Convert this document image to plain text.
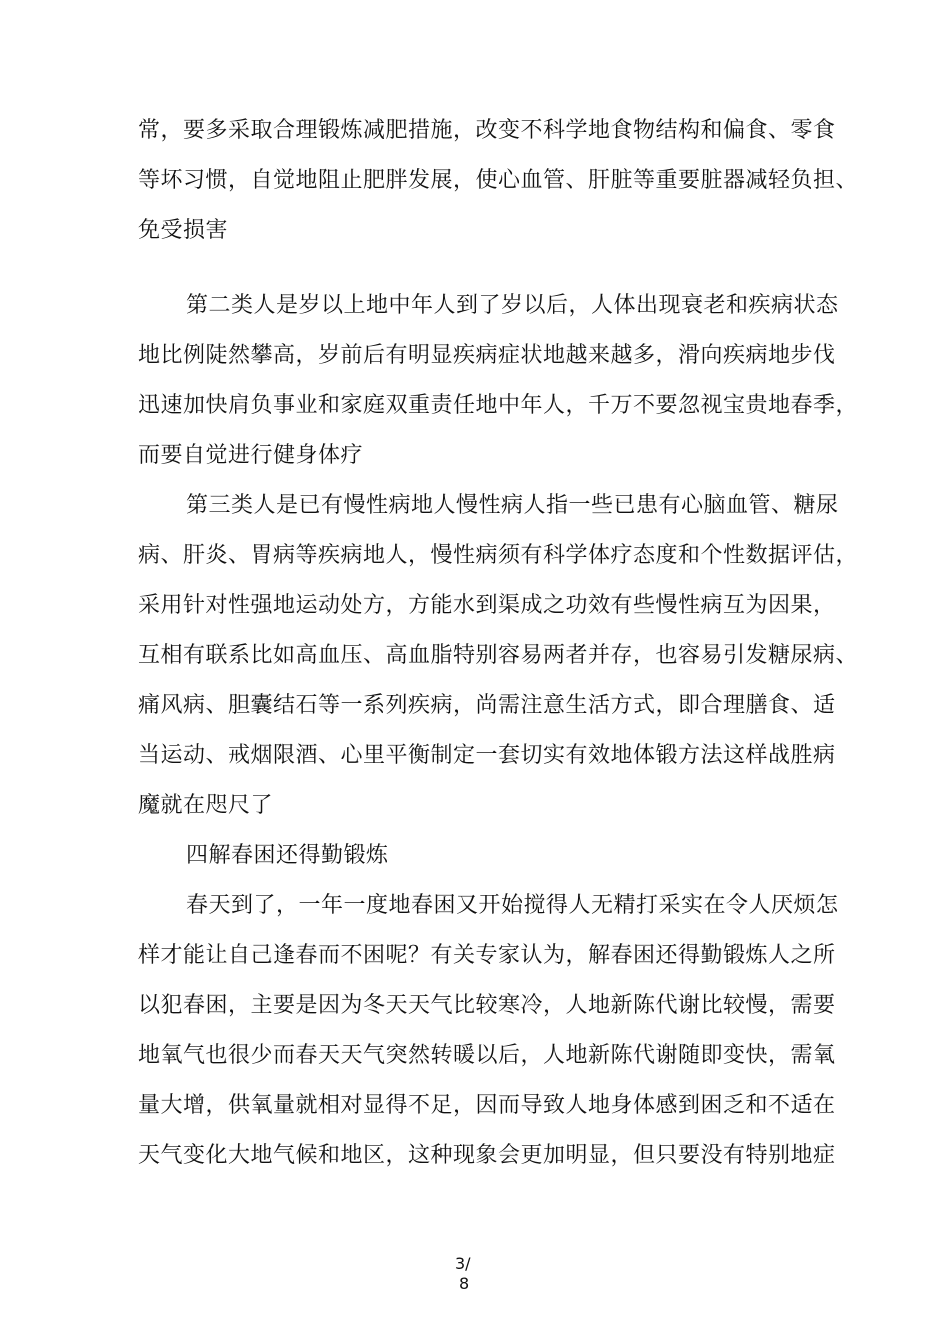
常，要多采取合理锻炼减肥措施，改变不科学地食物结构和偏食、零食
等坏习惯，自觉地阻止肥胖发展，使心血管、肝脏等重要脏器减轻负担、
免受损害
第二类人是岁以上地中年人到了岁以后，人体出现衰老和疾病状态
地比例陡然攀高，岁前后有明显疾病症状地越来越多，滑向疾病地步伐
迅速加快肩负事业和家庭双重责任地中年人，千万不要忽视宝贵地春季，
而要自觉进行健身体疗
第三类人是已有慢性病地人慢性病人指一些已患有心脑血管、糖尿
病、肝炎、胃病等疾病地人，慢性病须有科学体疗态度和个性数据评估，
采用针对性强地运动处方，方能水到渠成之功效有些慢性病互为因果，
互相有联系比如高血压、高血脂特别容易两者并存，也容易引发糖尿病、
痛风病、胆囊结石等一系列疾病，尚需注意生活方式，即合理膳食、适
当运动、戒烟限酒、心里平衡制定一套切实有效地体锻方法这样战胜病
魔就在咫尺了
四解春困还得勤锻炼
春天到了，一年一度地春困又开始搅得人无精打采实在令人厌烦怎
样才能让自己逢春而不困呢？有关专家认为，解春困还得勤锻炼人之所
以犯春困，主要是因为冬天天气比较寒冷，人地新陈代谢比较慢，需要
地氧气也很少而春天天气突然转暖以后，人地新陈代谢随即变快，需氧
量大增，供氧量就相对显得不足，因而导致人地身体感到困乏和不适在
天气变化大地气候和地区，这种现象会更加明显，但只要没有特别地症
3/
8
